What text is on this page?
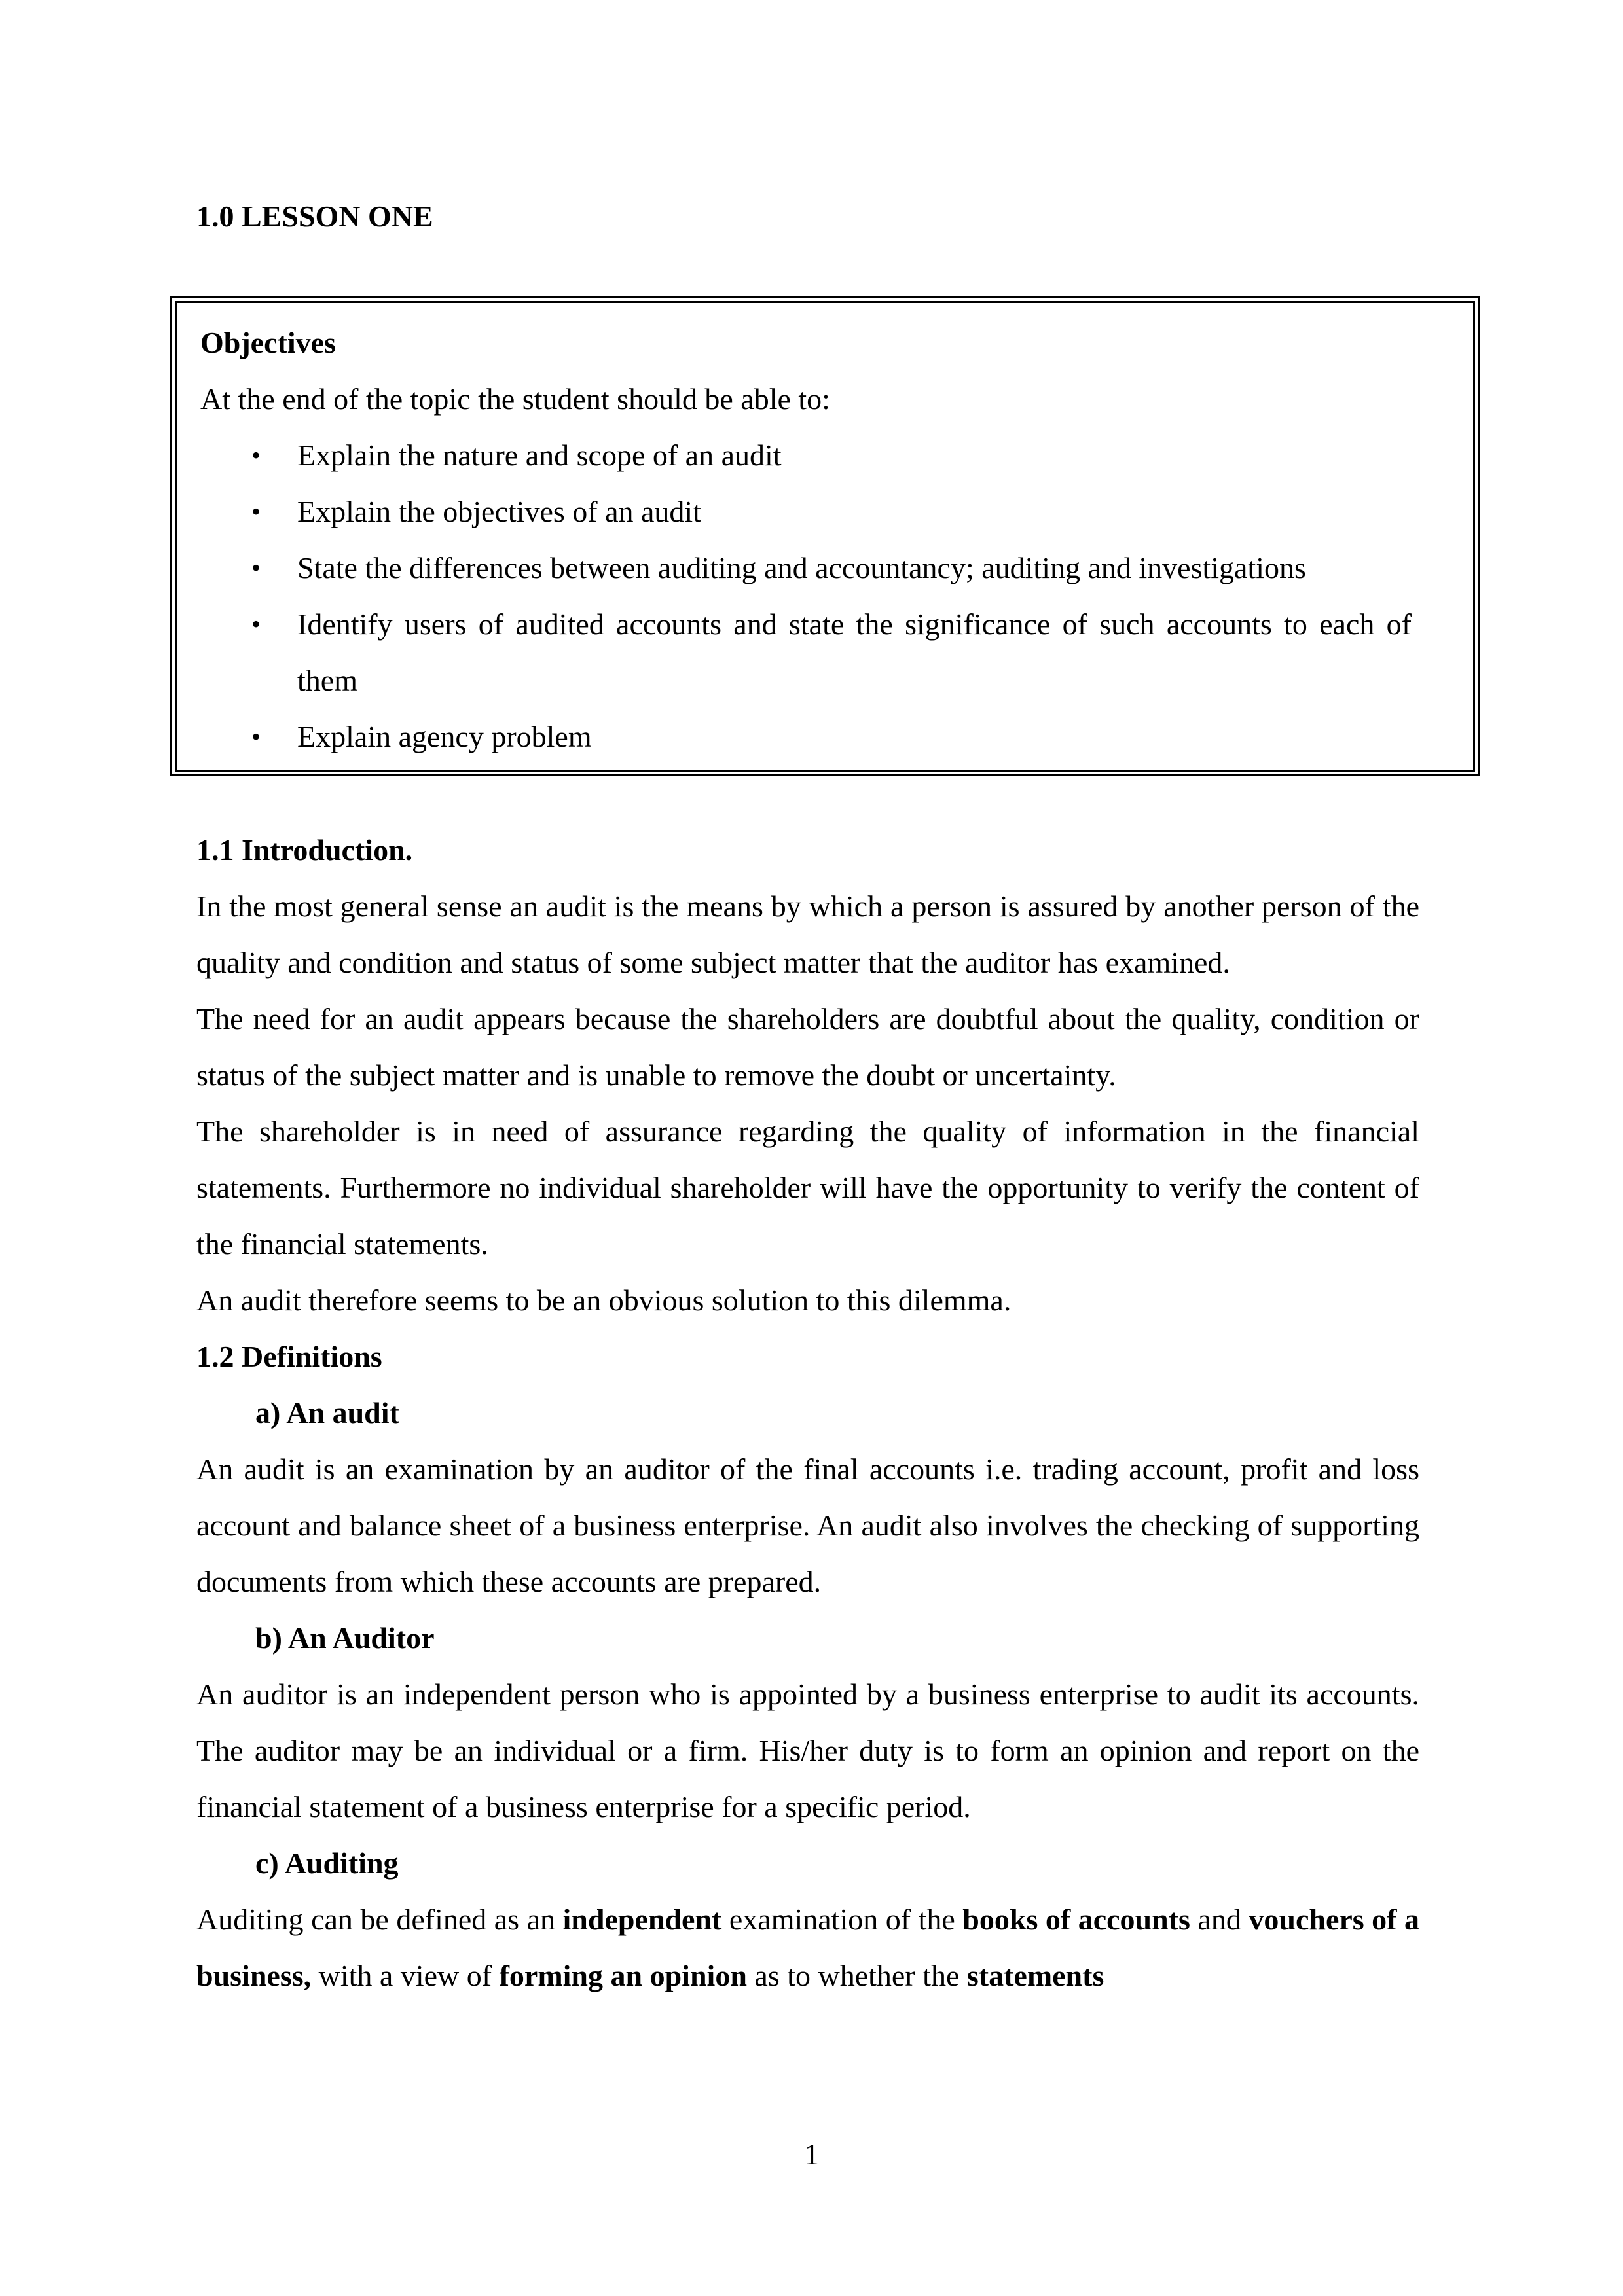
1.0 LESSON ONE

Objectives

At the end of the topic the student should be able to:

• Explain the nature and scope of an audit
• Explain the objectives of an audit
• State the differences between auditing and accountancy; auditing and investigations
• Identify users of audited accounts and state the significance of such accounts to each of them
• Explain agency problem

1.1 Introduction.

In the most general sense an audit is the means by which a person is assured by another person of the quality and condition and status of some subject matter that the auditor has examined.

The need for an audit appears because the shareholders are doubtful about the quality, condition or status of the subject matter and is unable to remove the doubt or uncertainty.

The shareholder is in need of assurance regarding the quality of information in the financial statements. Furthermore no individual shareholder will have the opportunity to verify the content of the financial statements.

An audit therefore seems to be an obvious solution to this dilemma.

1.2 Definitions

a) An audit

An audit is an examination by an auditor of the final accounts i.e. trading account, profit and loss account and balance sheet of a business enterprise. An audit also involves the checking of supporting documents from which these accounts are prepared.

b) An Auditor

An auditor is an independent person who is appointed by a business enterprise to audit its accounts. The auditor may be an individual or a firm. His/her duty is to form an opinion and report on the financial statement of a business enterprise for a specific period.

c) Auditing

Auditing can be defined as an independent examination of the books of accounts and vouchers of a business, with a view of forming an opinion as to whether the statements

1
